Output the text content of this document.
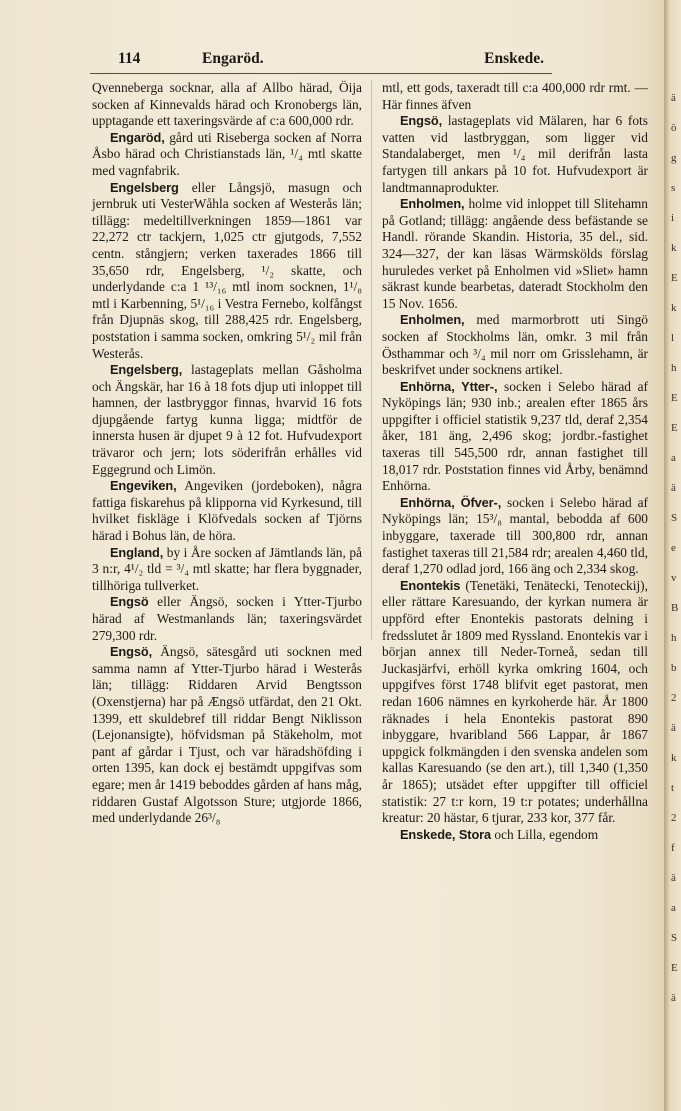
114	Engaröd.	Enskede.

Qvenneberga socknar, alla af Allbo härad, Öija socken af Kinnevalds härad och Kronobergs län, upptagande ett taxeringsvärde af c:a 600,000 rdr.

Engaröd, gård uti Riseberga socken af Norra Åsbo härad och Christianstads län, ¹/₄ mtl skatte med vagnfabrik.

Engelsberg eller Långsjö, masugn och jernbruk uti VesterWåhla socken af Westerås län; tillägg: medeltillverkningen 1859—1861 var 22,272 ctr tackjern, 1,025 ctr gjutgods, 7,552 centn. stångjern; verken taxerades 1866 till 35,650 rdr, Engelsberg, ¹/₂ skatte, och underlydande c:a 1 ¹³/₁₆ mtl inom socknen, 1¹/₈ mtl i Karbenning, 5¹/₁₆ i Vestra Fernebo, kolfångst från Djupnäs skog, till 288,425 rdr. Engelsberg, poststation i samma socken, omkring 5¹/₂ mil från Westerås.

Engelsberg, lastageplats mellan Gåsholma och Ängskär, har 16 à 18 fots djup uti inloppet till hamnen, der lastbryggor finnas, hvarvid 16 fots djupgående fartyg kunna ligga; midtför de innersta husen är djupet 9 à 12 fot. Hufvudexport trävaror och jern; lots söderifrån erhålles vid Eggegrund och Limön.

Engeviken, Angeviken (jordeboken), några fattiga fiskarehus på klipporna vid Kyrkesund, till hvilket fiskläge i Klöfvedals socken af Tjörns härad i Bohus län, de höra.

England, by i Åre socken af Jämtlands län, på 3 n:r, 4¹/₂ tld = ³/₄ mtl skatte; har flera byggnader, tillhöriga tullverket.

Engsö eller Ängsö, socken i Ytter-Tjurbo härad af Westmanlands län; taxeringsvärdet 279,300 rdr.

Engsö, Ängsö, sätesgård uti socknen med samma namn af Ytter-Tjurbo härad i Westerås län; tillägg: Riddaren Arvid Bengtsson (Oxenstjerna) har på Ængsö utfärdat, den 21 Okt. 1399, ett skuldebref till riddar Bengt Niklisson (Lejonansigte), höfvidsman på Stäkeholm, mot pant af gårdar i Tjust, och var häradshöfding i orten 1395, kan dock ej bestämdt uppgifvas som egare; men år 1419 beboddes gården af hans måg, riddaren Gustaf Algotsson Sture; utgjorde 1866, med underlydande 26³/₈

mtl, ett gods, taxeradt till c:a 400,000 rdr rmt. — Här finnes äfven

Engsö, lastageplats vid Mälaren, har 6 fots vatten vid lastbryggan, som ligger vid Standalaberget, men ¹/₄ mil derifrån lasta fartygen till ankars på 10 fot. Hufvudexport är landtmannaprodukter.

Enholmen, holme vid inloppet till Slitehamn på Gotland; tillägg: angående dess befästande se Handl. rörande Skandin. Historia, 35 del., sid. 324—327, der kan läsas Wärmskölds förslag huruledes verket på Enholmen vid »Sliet» hamn säkrast kunde bearbetas, dateradt Stockholm den 15 Nov. 1656.

Enholmen, med marmorbrott uti Singö socken af Stockholms län, omkr. 3 mil från Östhammar och ³/₄ mil norr om Grisslehamn, är beskrifvet under socknens artikel.

Enhörna, Ytter-, socken i Selebo härad af Nyköpings län; 930 inb.; arealen efter 1865 års uppgifter i officiel statistik 9,237 tld, deraf 2,354 åker, 181 äng, 2,496 skog; jordbr.-fastighet taxeras till 545,500 rdr, annan fastighet till 18,017 rdr. Poststation finnes vid Årby, benämnd Enhörna.

Enhörna, Öfver-, socken i Selebo härad af Nyköpings län; 15³/₈ mantal, bebodda af 600 inbyggare, taxerade till 300,800 rdr, annan fastighet taxeras till 21,584 rdr; arealen 4,460 tld, deraf 1,270 odlad jord, 166 äng och 2,334 skog.

Enontekis (Tenetäki, Tenätecki, Tenoteckij), eller rättare Karesuando, der kyrkan numera är uppförd efter Enontekis pastorats delning i fredsslutet år 1809 med Ryssland. Enontekis var i början annex till Neder-Torneå, sedan till Juckasjärfvi, erhöll kyrka omkring 1604, och uppgifves först 1748 blifvit eget pastorat, men redan 1606 nämnes en kyrkoherde här. År 1800 räknades i hela Enontekis pastorat 890 inbyggare, hvaribland 566 Lappar, år 1867 uppgick folkmängden i den svenska andelen som kallas Karesuando (se den art.), till 1,340 (1,350 år 1865); utsädet efter uppgifter till officiel statistik: 27 t:r korn, 19 t:r potates; underhållna kreatur: 20 hästar, 6 tjurar, 233 kor, 377 får.

Enskede, Stora och Lilla, egendom

ä
ö
g
s
i
k
E
k
l
h
E
E
a
ä
S
e
v
B
h
b
2
ä
k
t
2
f
ä
a
S
E
ä
